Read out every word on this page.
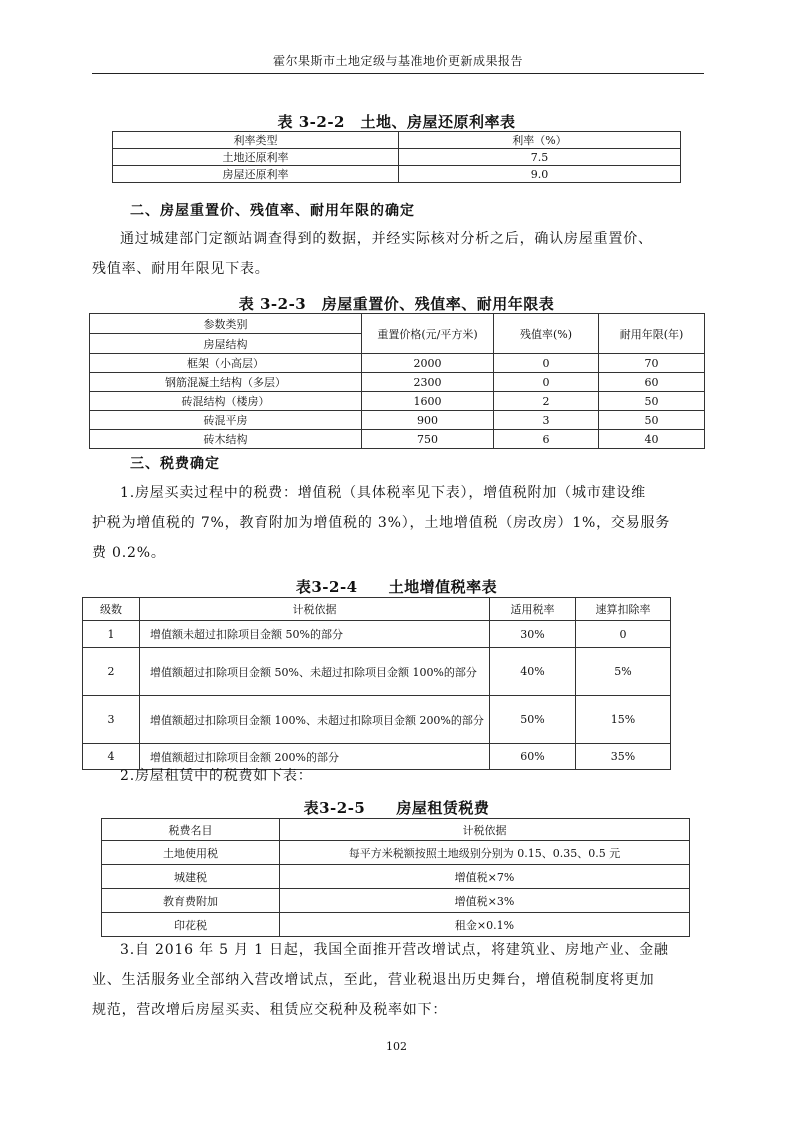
霍尔果斯市土地定级与基准地价更新成果报告
表 3-2-2　土地、房屋还原利率表
利率类型	利率（%）
土地还原利率	7.5
房屋还原利率	9.0
二、房屋重置价、残值率、耐用年限的确定

通过城建部门定额站调查得到的数据，并经实际核对分析之后，确认房屋重置价、
残值率、耐用年限见下表。

表 3-2-3　房屋重置价、残值率、耐用年限表
参数类别	重置价格(元/平方米)	残值率(%)	耐用年限(年)
房屋结构			
框架（小高层）	2000	0	70
钢筋混凝土结构（多层）	2300	0	60
砖混结构（楼房）	1600	2	50
砖混平房	900	3	50
砖木结构	750	6	40
三、税费确定

1.房屋买卖过程中的税费：增值税（具体税率见下表），增值税附加（城市建设维
护税为增值税的 7%，教育附加为增值税的 3%），土地增值税（房改房）1%，交易服务
费 0.2%。

表3-2-4　　土地增值税率表
级数	计税依据	适用税率	速算扣除率
1	增值额未超过扣除项目金额 50%的部分	30%	0
2	增值额超过扣除项目金额 50%、未超过扣除项目金额 100%的部分	40%	5%
3	增值额超过扣除项目金额 100%、未超过扣除项目金额 200%的部分	50%	15%
4	增值额超过扣除项目金额 200%的部分	60%	35%

2.房屋租赁中的税费如下表：

表3-2-5　　房屋租赁税费
税费名目	计税依据
土地使用税	每平方米税额按照土地级别分别为 0.15、0.35、0.5 元
城建税	增值税×7%
教育费附加	增值税×3%
印花税	租金×0.1%

3.自 2016 年 5 月 1 日起，我国全面推开营改增试点，将建筑业、房地产业、金融
业、生活服务业全部纳入营改增试点，至此，营业税退出历史舞台，增值税制度将更加
规范，营改增后房屋买卖、租赁应交税种及税率如下：

102
